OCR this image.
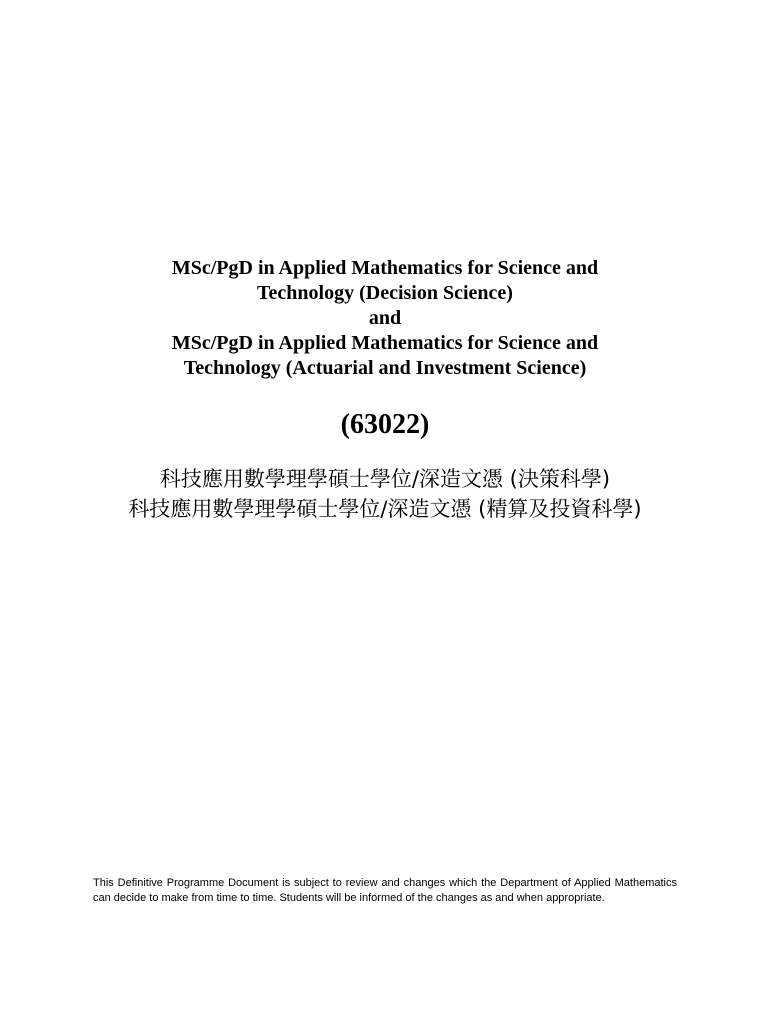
MSc/PgD in Applied Mathematics for Science and
Technology (Decision Science)
and
MSc/PgD in Applied Mathematics for Science and
Technology (Actuarial and Investment Science)
(63022)
科技應用數學理學碩士學位/深造文憑 (決策科學)
科技應用數學理學碩士學位/深造文憑 (精算及投資科學)
This Definitive Programme Document is subject to review and changes which the Department of Applied Mathematics can decide to make from time to time. Students will be informed of the changes as and when appropriate.
